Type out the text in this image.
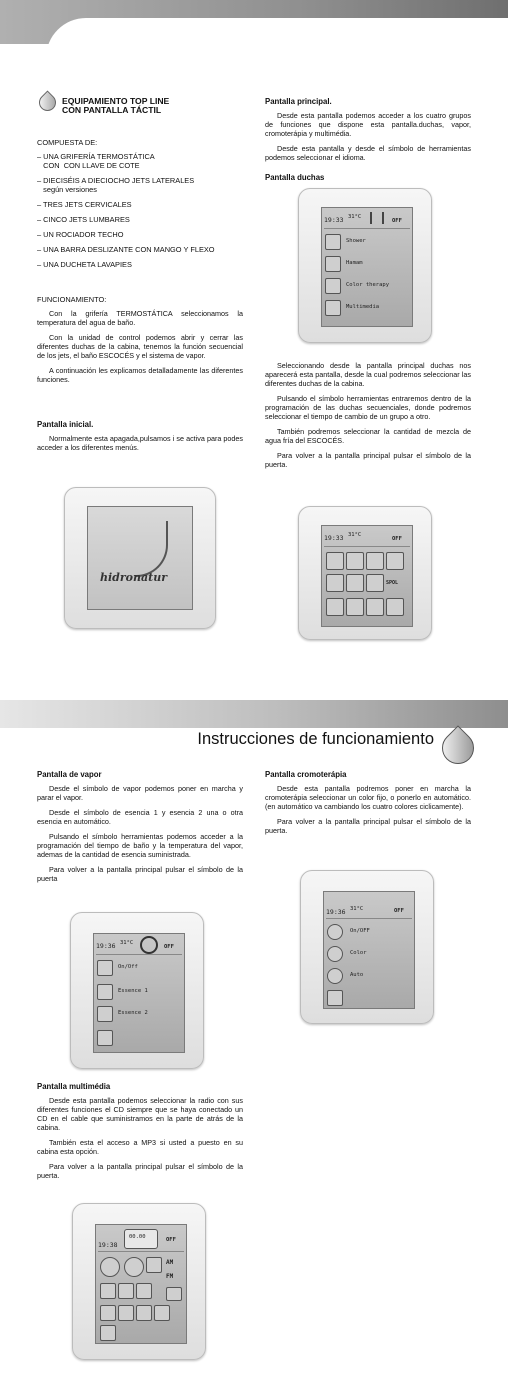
EQUIPAMIENTO TOP LINE
CON PANTALLA TÁCTIL
COMPUESTA DE:
– UNA GRIFERÍA TERMOSTÁTICA
CON  CON LLAVE DE COTE
– DIECISÉIS A DIECIOCHO JETS LATERALES
según versiones
– TRES JETS CERVICALES
– CINCO JETS LUMBARES
– UN ROCIADOR TECHO
– UNA BARRA DESLIZANTE CON MANGO Y FLEXO
– UNA DUCHETA LAVAPIES
FUNCIONAMIENTO:

Con la grifería TERMOSTÁTICA seleccionamos la temperatura del agua de baño.

Con la unidad de control podemos abrir y cerrar las diferentes duchas de la cabina, tenemos la función secuencial de los jets, el baño ESCOCÉS y el sistema de vapor.

A continuación les explicamos detalladamente las diferentes funciones.

Pantalla inicial.

Normalmente esta apagada,pulsamos i se activa para podes acceder a los diferentes menús.

hidronatur
Pantalla principal.

Desde esta pantalla podemos acceder a los cuatro grupos de funciones que dispone esta pantalla.duchas, vapor, cromoterápia y multimédia.

Desde esta pantalla y desde el símbolo de herramientas podemos seleccionar el idioma.

Pantalla duchas
19:33 31°C
OFF
Shower
Hamam
Color therapy
Multimedia

Seleccionando desde la pantalla principal duchas nos aparecerá esta pantalla, desde la cual podremos seleccionar las diferentes duchas de la cabina.

Pulsando el símbolo herramientas entraremos dentro de la programación de las duchas secuenciales, donde podremos seleccionar el tiempo de cambio de un grupo a otro.

También podremos seleccionar la cantidad de mezcla de agua fría del ESCOCÉS.

Para volver a la pantalla principal pulsar el símbolo de la puerta.

19:33 31°C
OFF
SPOL
Instrucciones de funcionamiento
Pantalla de vapor

Desde el símbolo de vapor podemos poner en marcha y parar el vapor.

Desde el símbolo de esencia 1 y esencia 2 una o otra esencia en automático.

Pulsando el símbolo herramientas podemos acceder a la programación del tiempo de baño y la temperatura del vapor, ademas de la cantidad de esencia suministrada.

Para volver a la pantalla principal pulsar el símbolo de la puerta

19:36 31°C
OFF
On/Off
Essence 1
Essence 2
Pantalla multimédia

Desde esta pantalla podemos seleccionar la radio con sus diferentes funciones el CD siempre que se haya conectado un CD en el cable que suministramos en la parte de atrás de la cabina.

También esta el acceso a MP3 si usted a puesto en su cabina esta opción.

Para volver a la pantalla principal pulsar el símbolo de la puerta.

19:38
00.00	OFF
AM
FM
Pantalla cromoterápia

Desde esta pantalla podremos poner en marcha la cromoterápia seleccionar un color fijo, o ponerlo en automático. (en automático va cambiando los cuatro colores ciclicamente).

Para volver a la pantalla principal pulsar el símbolo de la puerta.

19:36 31°C	OFF
On/OFF
Color
Auto
